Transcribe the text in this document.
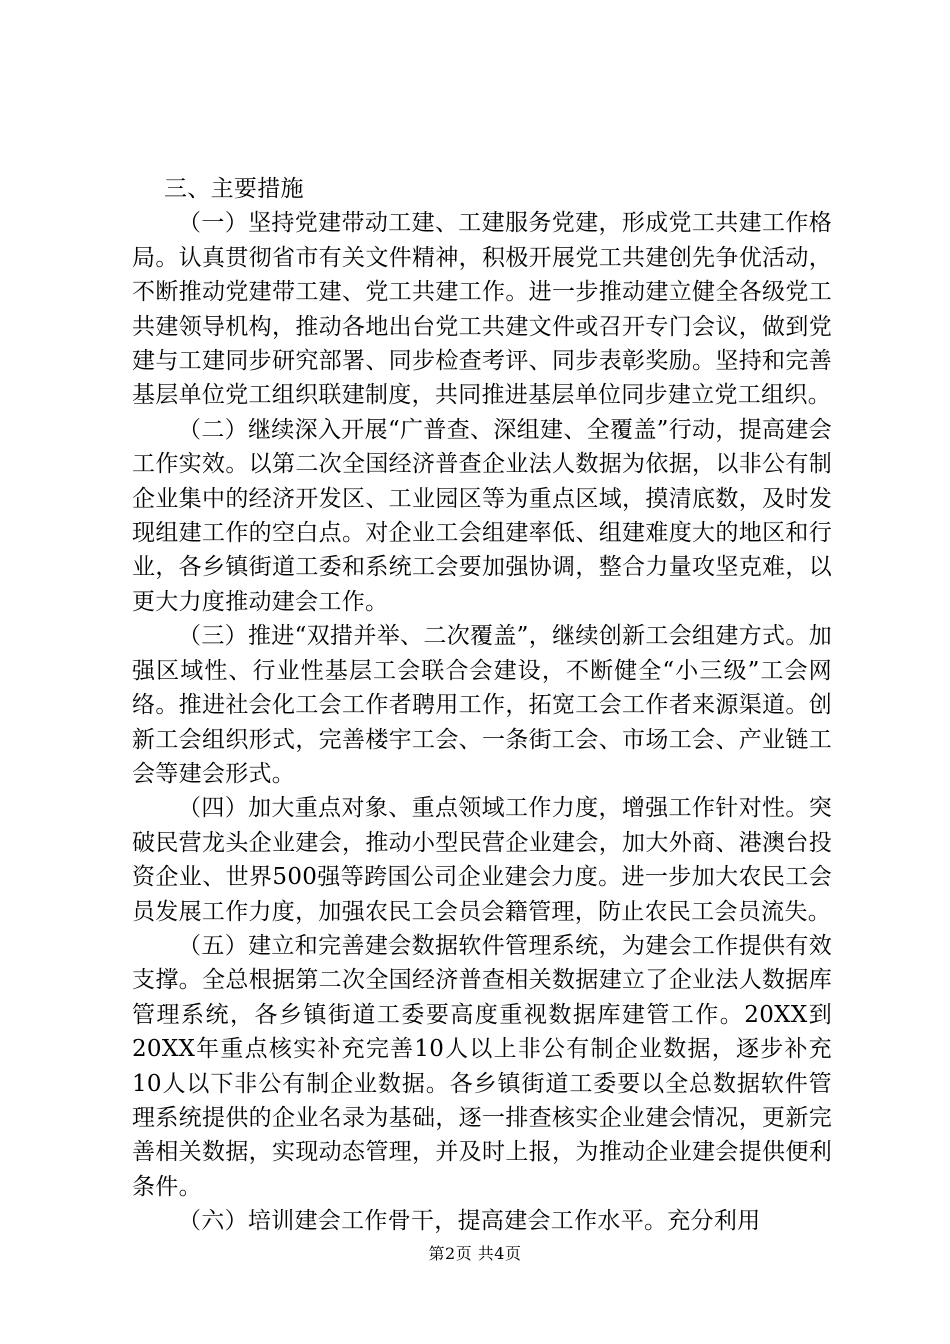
三、主要措施

（一）坚持党建带动工建、工建服务党建，形成党工共建工作格局。认真贯彻省市有关文件精神，积极开展党工共建创先争优活动，不断推动党建带工建、党工共建工作。进一步推动建立健全各级党工共建领导机构，推动各地出台党工共建文件或召开专门会议，做到党建与工建同步研究部署、同步检查考评、同步表彰奖励。坚持和完善基层单位党工组织联建制度，共同推进基层单位同步建立党工组织。

（二）继续深入开展“广普查、深组建、全覆盖”行动，提高建会工作实效。以第二次全国经济普查企业法人数据为依据，以非公有制企业集中的经济开发区、工业园区等为重点区域，摸清底数，及时发现组建工作的空白点。对企业工会组建率低、组建难度大的地区和行业，各乡镇街道工委和系统工会要加强协调，整合力量攻坚克难，以更大力度推动建会工作。

（三）推进“双措并举、二次覆盖”，继续创新工会组建方式。加强区域性、行业性基层工会联合会建设，不断健全“小三级”工会网络。推进社会化工会工作者聘用工作，拓宽工会工作者来源渠道。创新工会组织形式，完善楼宇工会、一条街工会、市场工会、产业链工会等建会形式。

（四）加大重点对象、重点领域工作力度，增强工作针对性。突破民营龙头企业建会，推动小型民营企业建会，加大外商、港澳台投资企业、世界500强等跨国公司企业建会力度。进一步加大农民工会员发展工作力度，加强农民工会员会籍管理，防止农民工会员流失。

（五）建立和完善建会数据软件管理系统，为建会工作提供有效支撑。全总根据第二次全国经济普查相关数据建立了企业法人数据库管理系统，各乡镇街道工委要高度重视数据库建管工作。20XX到20XX年重点核实补充完善10人以上非公有制企业数据，逐步补充10人以下非公有制企业数据。各乡镇街道工委要以全总数据软件管理系统提供的企业名录为基础，逐一排查核实企业建会情况，更新完善相关数据，实现动态管理，并及时上报，为推动企业建会提供便利条件。

（六）培训建会工作骨干，提高建会工作水平。充分利用

第2页 共4页
